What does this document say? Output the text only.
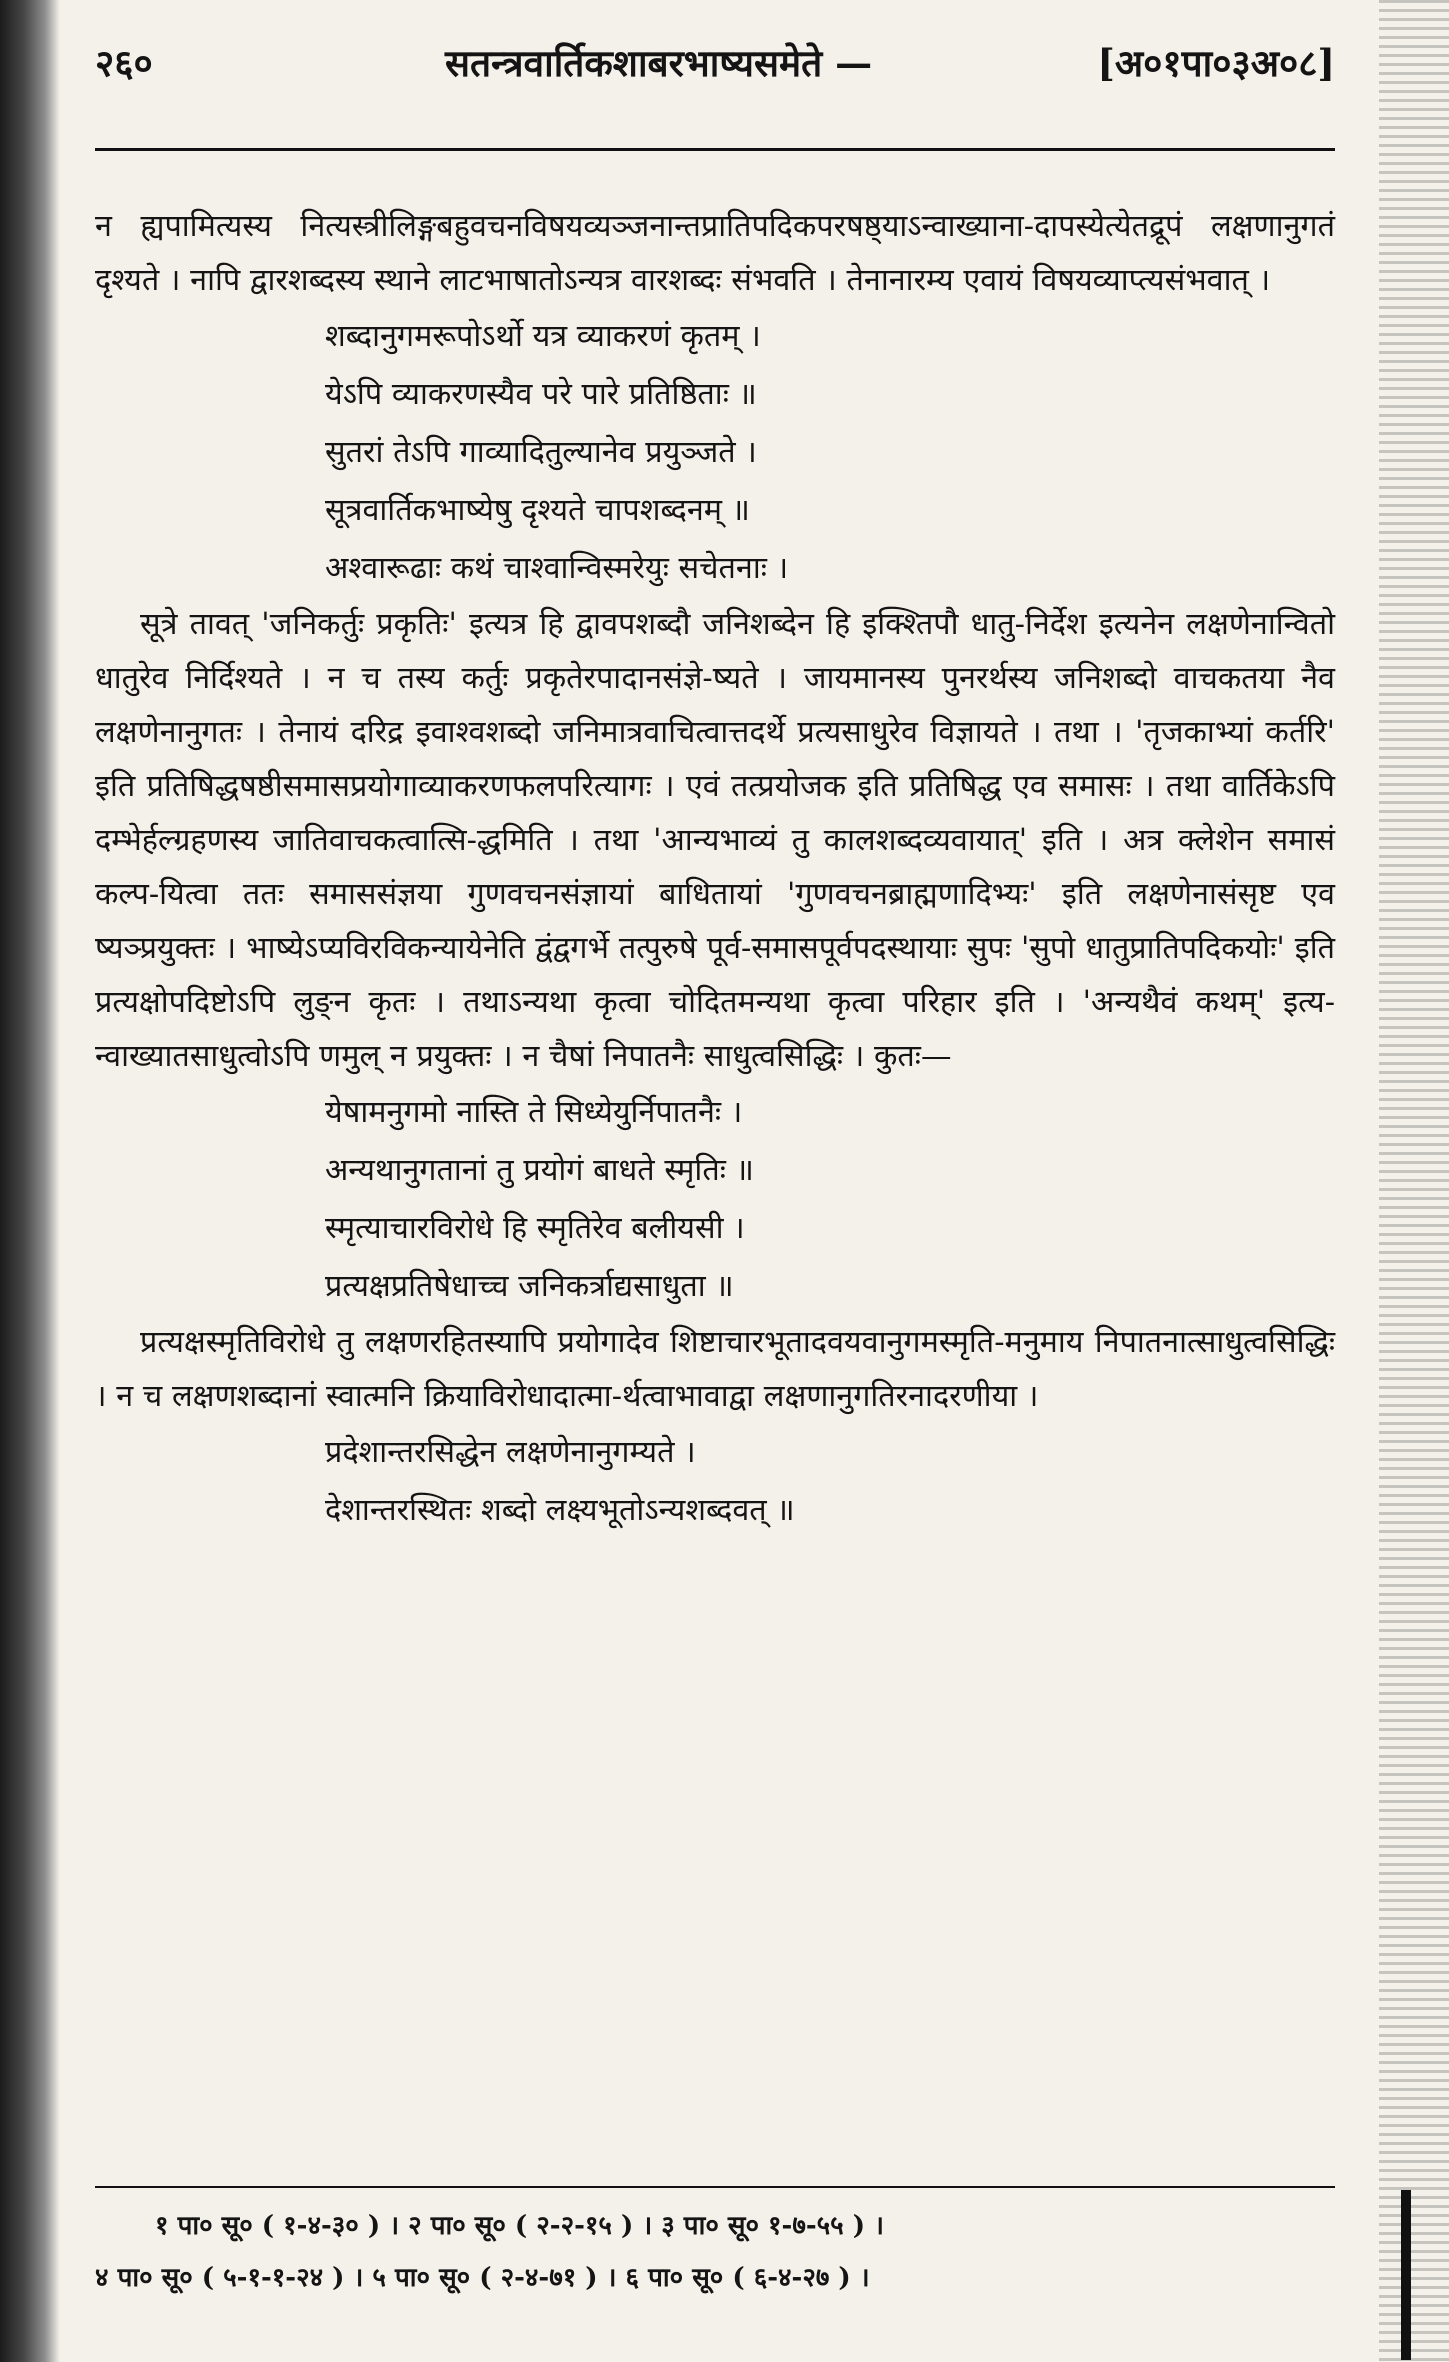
२६०	सतन्त्रवार्तिकशाबरभाष्यसमेते —	[अ०१पा०३अ०८]

न ह्यपामित्यस्य नित्यस्त्रीलिङ्गबहुवचनविषयव्यञ्जनान्तप्रातिपदिकपरषष्ठ्याऽन्वाख्याना-दापस्येत्येतद्रूपं लक्षणानुगतं दृश्यते । नापि द्वारशब्दस्य स्थाने लाटभाषातोऽन्यत्र वारशब्दः संभवति । तेनानारम्य एवायं विषयव्याप्त्यसंभवात् ।

शब्दानुगमरूपोऽर्थो यत्र व्याकरणं कृतम् ।

येऽपि व्याकरणस्यैव परे पारे प्रतिष्ठिताः ॥

सुतरां तेऽपि गाव्यादितुल्यानेव प्रयुञ्जते ।

सूत्रवार्तिकभाष्येषु दृश्यते चापशब्दनम् ॥

अश्वारूढाः कथं चाश्वान्विस्मरेयुः सचेतनाः ।

सूत्रे तावत् 'जनिकर्तुः प्रकृतिः' इत्यत्र हि द्वावपशब्दौ जनिशब्देन हि इक्श्तिपौ धातु-निर्देश इत्यनेन लक्षणेनान्वितो धातुरेव निर्दिश्यते । न च तस्य कर्तुः प्रकृतेरपादानसंज्ञे-ष्यते । जायमानस्य पुनरर्थस्य जनिशब्दो वाचकतया नैव लक्षणेनानुगतः । तेनायं दरिद्र इवाश्वशब्दो जनिमात्रवाचित्वात्तदर्थे प्रत्यसाधुरेव विज्ञायते । तथा । 'तृजकाभ्यां कर्तरि' इति प्रतिषिद्धषष्ठीसमासप्रयोगाव्याकरणफलपरित्यागः । एवं तत्प्रयोजक इति प्रतिषिद्ध एव समासः । तथा वार्तिकेऽपि दम्भेर्हल्ग्रहणस्य जातिवाचकत्वात्सि-द्धमिति । तथा 'आन्यभाव्यं तु कालशब्दव्यवायात्' इति । अत्र क्लेशेन समासं कल्प-यित्वा ततः समाससंज्ञया गुणवचनसंज्ञायां बाधितायां 'गुणवचनब्राह्मणादिभ्यः' इति लक्षणेनासंसृष्ट एव ष्यञ्प्रयुक्तः । भाष्येऽप्यविरविकन्यायेनेति द्वंद्वगर्भे तत्पुरुषे पूर्व-समासपूर्वपदस्थायाः सुपः 'सुपो धातुप्रातिपदिकयोः' इति प्रत्यक्षोपदिष्टोऽपि लुङ्न कृतः । तथाऽन्यथा कृत्वा चोदितमन्यथा कृत्वा परिहार इति । 'अन्यथैवं कथम्' इत्य-न्वाख्यातसाधुत्वोऽपि णमुल् न प्रयुक्तः । न चैषां निपातनैः साधुत्वसिद्धिः । कुतः—

येषामनुगमो नास्ति ते सिध्येयुर्निपातनैः ।

अन्यथानुगतानां तु प्रयोगं बाधते स्मृतिः ॥

स्मृत्याचारविरोधे हि स्मृतिरेव बलीयसी ।

प्रत्यक्षप्रतिषेधाच्च जनिकर्त्राद्यसाधुता ॥

प्रत्यक्षस्मृतिविरोधे तु लक्षणरहितस्यापि प्रयोगादेव शिष्टाचारभूतादवयवानुगमस्मृति-मनुमाय निपातनात्साधुत्वसिद्धिः । न च लक्षणशब्दानां स्वात्मनि क्रियाविरोधादात्मा-र्थत्वाभावाद्वा लक्षणानुगतिरनादरणीया ।

प्रदेशान्तरसिद्धेन लक्षणेनानुगम्यते ।

देशान्तरस्थितः शब्दो लक्ष्यभूतोऽन्यशब्दवत् ॥

१ पा० सू० ( १-४-३० ) । २ पा० सू० ( २-२-१५ ) । ३ पा० सू० १-७-५५ ) ।
४ पा० सू० ( ५-१-१-२४ ) । ५ पा० सू० ( २-४-७१ ) । ६ पा० सू० ( ६-४-२७ ) ।
